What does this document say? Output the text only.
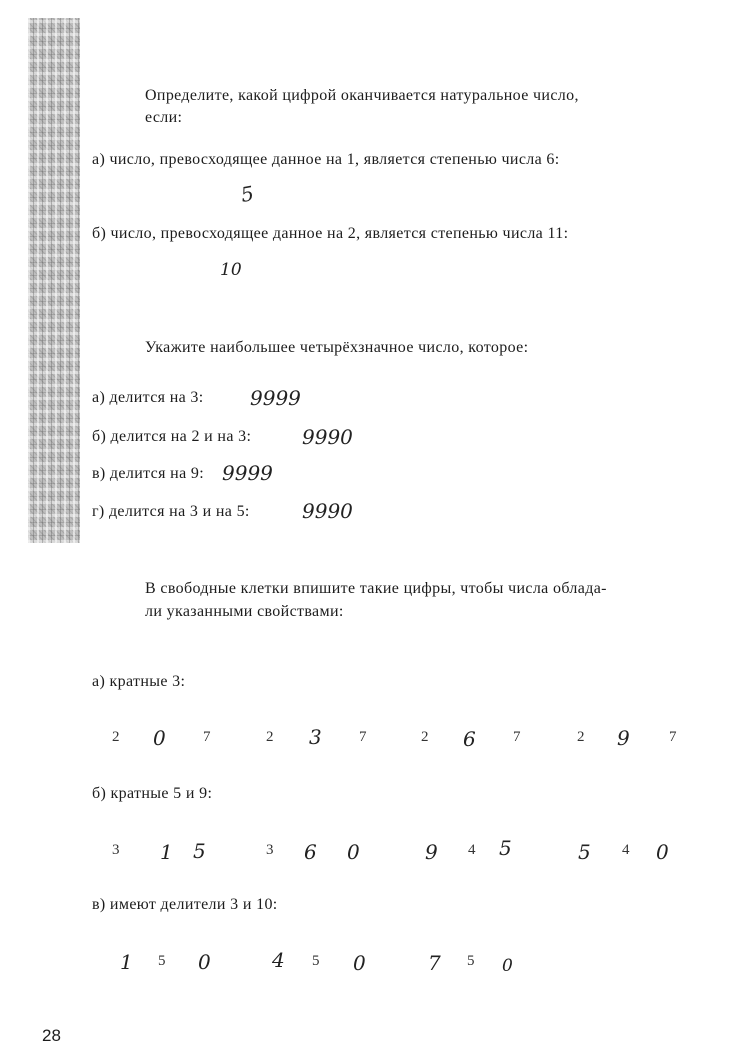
Определите, какой цифрой оканчивается натуральное число,
если:
а) число, превосходящее данное на 1, является степенью числа 6:
5
б) число, превосходящее данное на 2, является степенью числа 11:
10
Укажите наибольшее четырёхзначное число, которое:
а) делится на 3: 9999
б) делится на 2 и на 3:	9990
в) делится на 9: 9999
г) делится на 3 и на 5:	9990
В свободные клетки впишите такие цифры, чтобы числа облада-
ли указанными свойствами:
а) кратные 3:
2 0 7	2 3 7	2 6 7	2 9	7
б) кратные 5 и 9:
3 1 5	3 6 0	9 4 5	5 4 0
в) имеют делители 3 и 10:
1 5 0	4 5 0	7 5 0
28
